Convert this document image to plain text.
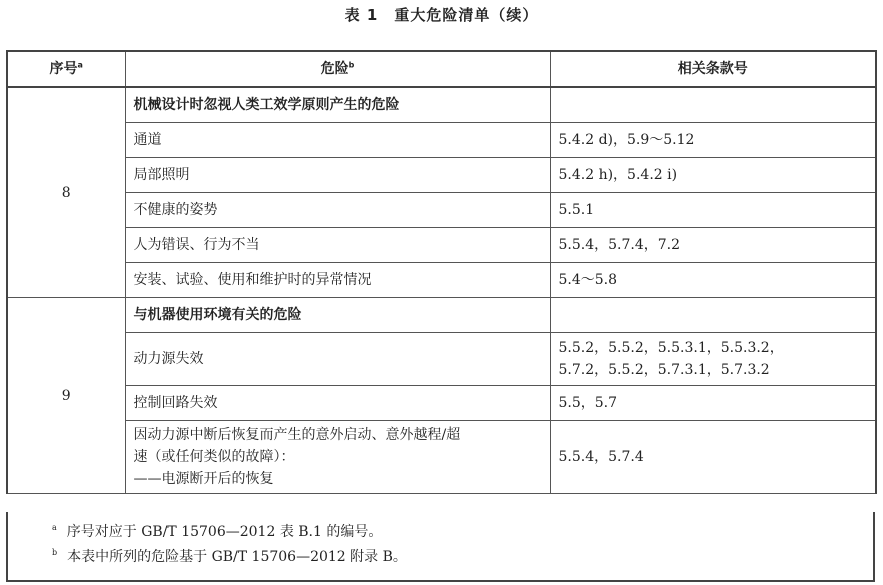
表 1　重大危险清单（续）
序号$^a$	危险$^b$	相关条款号
8	机械设计时忽视人类工效学原则产生的危险	
	通道	5.4.2 d)，5.9～5.12
	局部照明	5.4.2 h)，5.4.2 i)
	不健康的姿势	5.5.1
	人为错误、行为不当	5.5.4，5.7.4，7.2
	安装、试验、使用和维护时的异常情况	5.4～5.8
9	与机器使用环境有关的危险	
	动力源失效	5.5.2，5.5.2，5.5.3.1，5.5.3.2，
5.7.2，5.5.2，5.7.3.1，5.7.3.2

	控制回路失效	5.5，5.7

	因动力源中断后恢复而产生的意外启动、意外越程/超
速（或任何类似的故障）：
——电源断开后的恢复	5.5.4，5.7.4
$^a$ 序号对应于 GB/T 15706—2012 表 B.1 的编号。
$^b$ 本表中所列的危险基于 GB/T 15706—2012 附录 B。
